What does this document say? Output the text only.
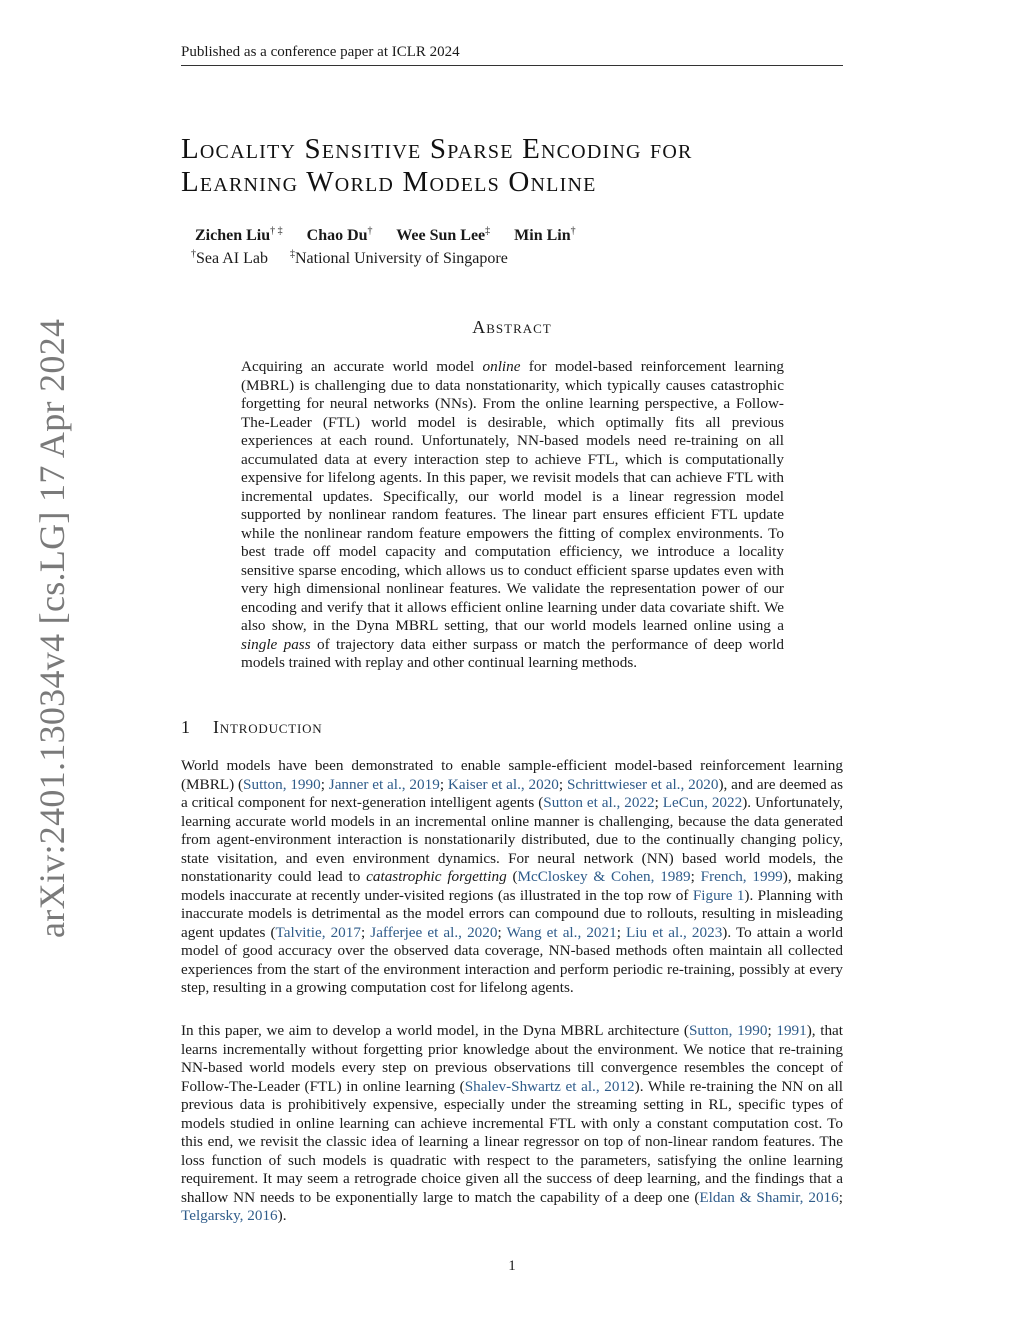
Published as a conference paper at ICLR 2024
arXiv:2401.13034v4 [cs.LG] 17 Apr 2024
Locality Sensitive Sparse Encoding for
Learning World Models Online
Zichen Liu† ‡ Chao Du† Wee Sun Lee‡ Min Lin†
†Sea AI Lab ‡National University of Singapore
Abstract
Acquiring an accurate world model online for model-based reinforcement learning (MBRL) is challenging due to data nonstationarity, which typically causes catastrophic forgetting for neural networks (NNs). From the online learning perspective, a Follow-The-Leader (FTL) world model is desirable, which optimally fits all previous experiences at each round. Unfortunately, NN-based models need re-training on all accumulated data at every interaction step to achieve FTL, which is computationally expensive for lifelong agents. In this paper, we revisit models that can achieve FTL with incremental updates. Specifically, our world model is a linear regression model supported by nonlinear random features. The linear part ensures efficient FTL update while the nonlinear random feature empowers the fitting of complex environments. To best trade off model capacity and computation efficiency, we introduce a locality sensitive sparse encoding, which allows us to conduct efficient sparse updates even with very high dimensional nonlinear features. We validate the representation power of our encoding and verify that it allows efficient online learning under data covariate shift. We also show, in the Dyna MBRL setting, that our world models learned online using a single pass of trajectory data either surpass or match the performance of deep world models trained with replay and other continual learning methods.
1 Introduction

World models have been demonstrated to enable sample-efficient model-based reinforcement learning (MBRL) (Sutton, 1990; Janner et al., 2019; Kaiser et al., 2020; Schrittwieser et al., 2020), and are deemed as a critical component for next-generation intelligent agents (Sutton et al., 2022; LeCun, 2022). Unfortunately, learning accurate world models in an incremental online manner is challenging, because the data generated from agent-environment interaction is nonstationarily distributed, due to the continually changing policy, state visitation, and even environment dynamics. For neural network (NN) based world models, the nonstationarity could lead to catastrophic forgetting (McCloskey & Cohen, 1989; French, 1999), making models inaccurate at recently under-visited regions (as illustrated in the top row of Figure 1). Planning with inaccurate models is detrimental as the model errors can compound due to rollouts, resulting in misleading agent updates (Talvitie, 2017; Jafferjee et al., 2020; Wang et al., 2021; Liu et al., 2023). To attain a world model of good accuracy over the observed data coverage, NN-based methods often maintain all collected experiences from the start of the environment interaction and perform periodic re-training, possibly at every step, resulting in a growing computation cost for lifelong agents.

In this paper, we aim to develop a world model, in the Dyna MBRL architecture (Sutton, 1990; 1991), that learns incrementally without forgetting prior knowledge about the environment. We notice that re-training NN-based world models every step on previous observations till convergence resembles the concept of Follow-The-Leader (FTL) in online learning (Shalev-Shwartz et al., 2012). While re-training the NN on all previous data is prohibitively expensive, especially under the streaming setting in RL, specific types of models studied in online learning can achieve incremental FTL with only a constant computation cost. To this end, we revisit the classic idea of learning a linear regressor on top of non-linear random features. The loss function of such models is quadratic with respect to the parameters, satisfying the online learning requirement. It may seem a retrograde choice given all the success of deep learning, and the findings that a shallow NN needs to be exponentially large to match the capability of a deep one (Eldan & Shamir, 2016; Telgarsky, 2016).

1
